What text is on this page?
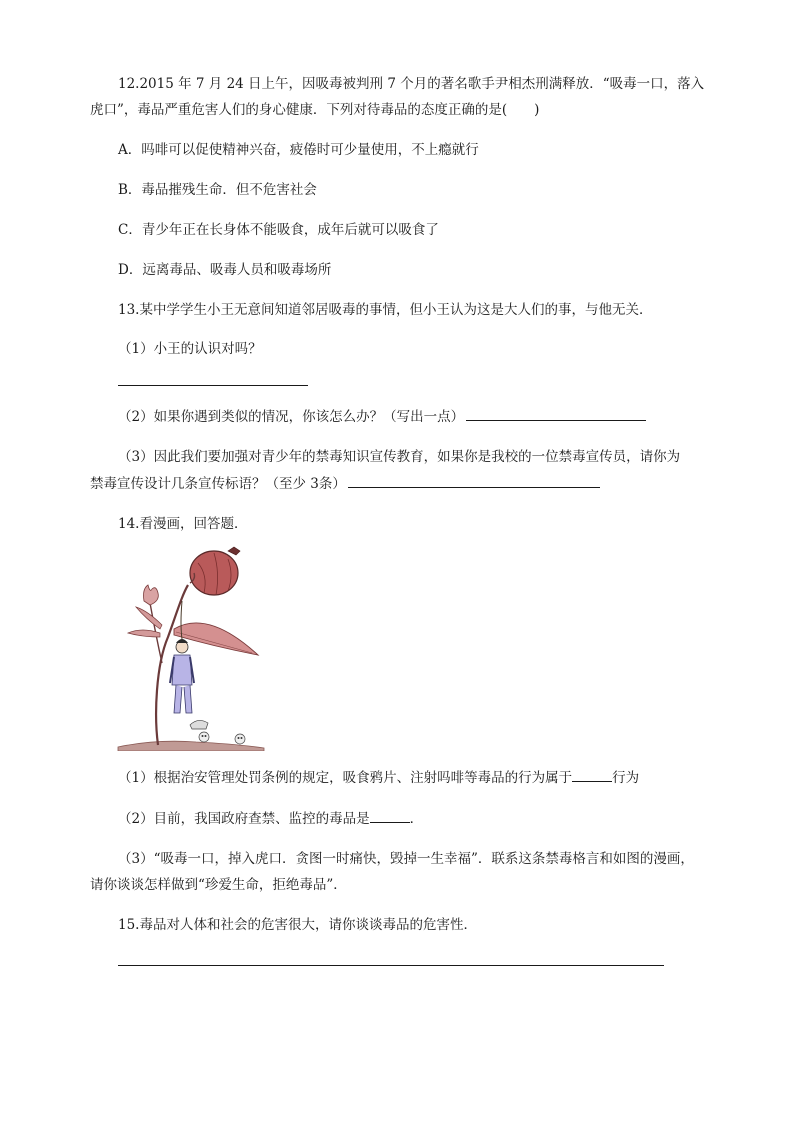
12.2015 年 7 月 24 日上午，因吸毒被判刑 7 个月的著名歌手尹相杰刑满释放．“吸毒一口，落入

虎口”，毒品严重危害人们的身心健康．下列对待毒品的态度正确的是(　　)

A．吗啡可以促使精神兴奋，疲倦时可少量使用，不上瘾就行

B．毒品摧残生命．但不危害社会

C．青少年正在长身体不能吸食，成年后就可以吸食了

D．远离毒品、吸毒人员和吸毒场所

13.某中学学生小王无意间知道邻居吸毒的事情，但小王认为这是大人们的事，与他无关．

（1）小王的认识对吗？

（2）如果你遇到类似的情况，你该怎么办？（写出一点）

（3）因此我们要加强对青少年的禁毒知识宣传教育，如果你是我校的一位禁毒宣传员，请你为

禁毒宣传设计几条宣传标语？（至少 3条）

14.看漫画，回答题．

（1）根据治安管理处罚条例的规定，吸食鸦片、注射吗啡等毒品的行为属于	行为

（2）目前，我国政府查禁、监控的毒品是	．

（3）“吸毒一口，掉入虎口．贪图一时痛快，毁掉一生幸福”．联系这条禁毒格言和如图的漫画，

请你谈谈怎样做到“珍爱生命，拒绝毒品”．

15.毒品对人体和社会的危害很大，请你谈谈毒品的危害性．
